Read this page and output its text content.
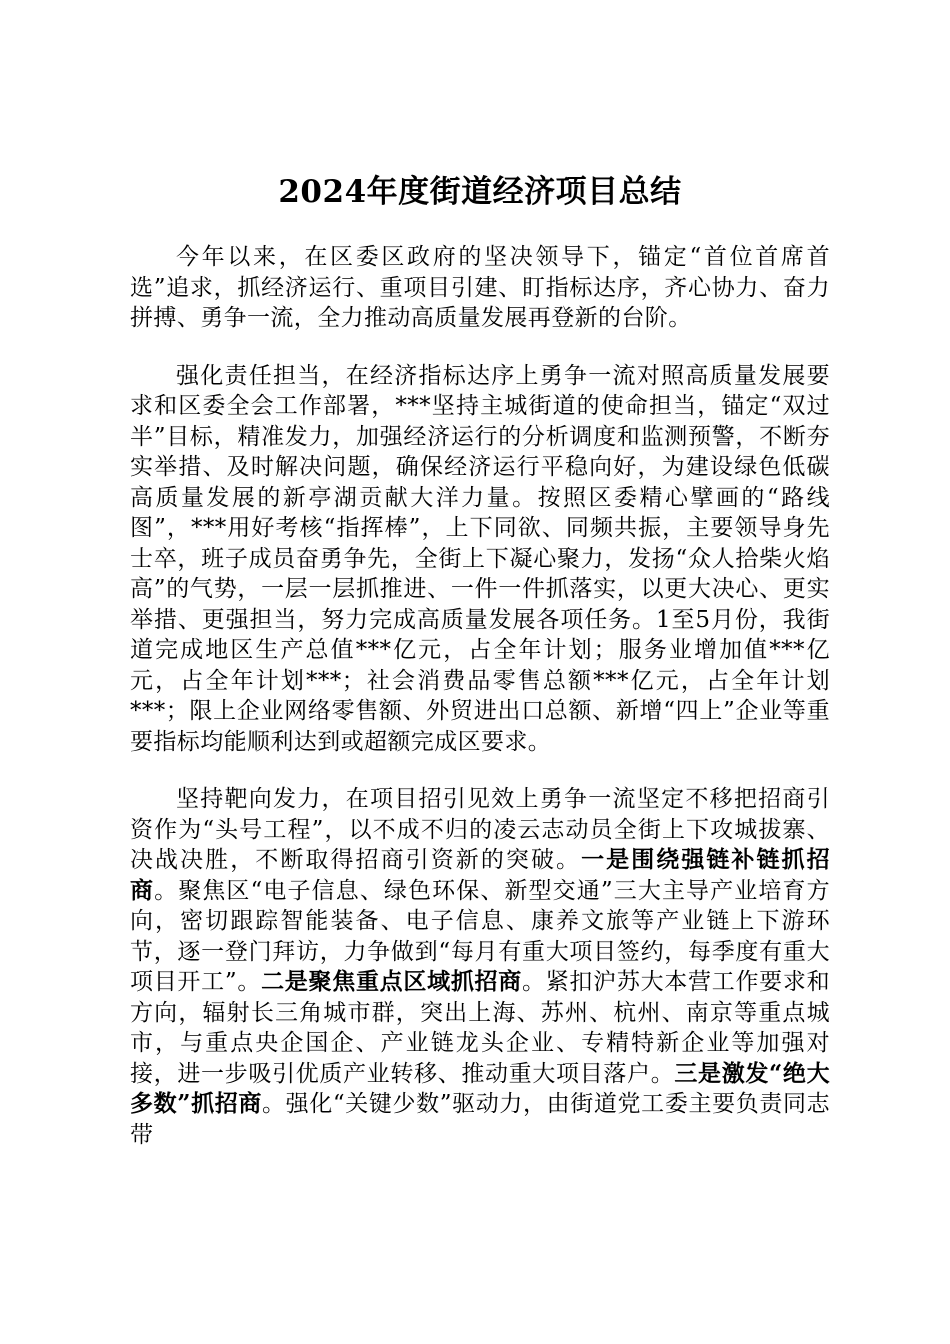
2024年度街道经济项目总结

今年以来，在区委区政府的坚决领导下，锚定“首位首席首选”追求，抓经济运行、重项目引建、盯指标达序，齐心协力、奋力拼搏、勇争一流，全力推动高质量发展再登新的台阶。

强化责任担当，在经济指标达序上勇争一流对照高质量发展要求和区委全会工作部署，***坚持主城街道的使命担当，锚定“双过半”目标，精准发力，加强经济运行的分析调度和监测预警，不断夯实举措、及时解决问题，确保经济运行平稳向好，为建设绿色低碳高质量发展的新亭湖贡献大洋力量。按照区委精心擘画的“路线图”，***用好考核“指挥棒”，上下同欲、同频共振，主要领导身先士卒，班子成员奋勇争先，全街上下凝心聚力，发扬“众人拾柴火焰高”的气势，一层一层抓推进、一件一件抓落实，以更大决心、更实举措、更强担当，努力完成高质量发展各项任务。1至5月份，我街道完成地区生产总值***亿元，占全年计划；服务业增加值***亿元，占全年计划***；社会消费品零售总额***亿元，占全年计划***；限上企业网络零售额、外贸进出口总额、新增“四上”企业等重要指标均能顺利达到或超额完成区要求。

坚持靶向发力，在项目招引见效上勇争一流坚定不移把招商引资作为“头号工程”，以不成不归的凌云志动员全街上下攻城拔寨、决战决胜，不断取得招商引资新的突破。一是围绕强链补链抓招商。聚焦区“电子信息、绿色环保、新型交通”三大主导产业培育方向，密切跟踪智能装备、电子信息、康养文旅等产业链上下游环节，逐一登门拜访，力争做到“每月有重大项目签约，每季度有重大项目开工”。二是聚焦重点区域抓招商。紧扣沪苏大本营工作要求和方向，辐射长三角城市群，突出上海、苏州、杭州、南京等重点城市，与重点央企国企、产业链龙头企业、专精特新企业等加强对接，进一步吸引优质产业转移、推动重大项目落户。三是激发“绝大多数”抓招商。强化“关键少数”驱动力，由街道党工委主要负责同志带
